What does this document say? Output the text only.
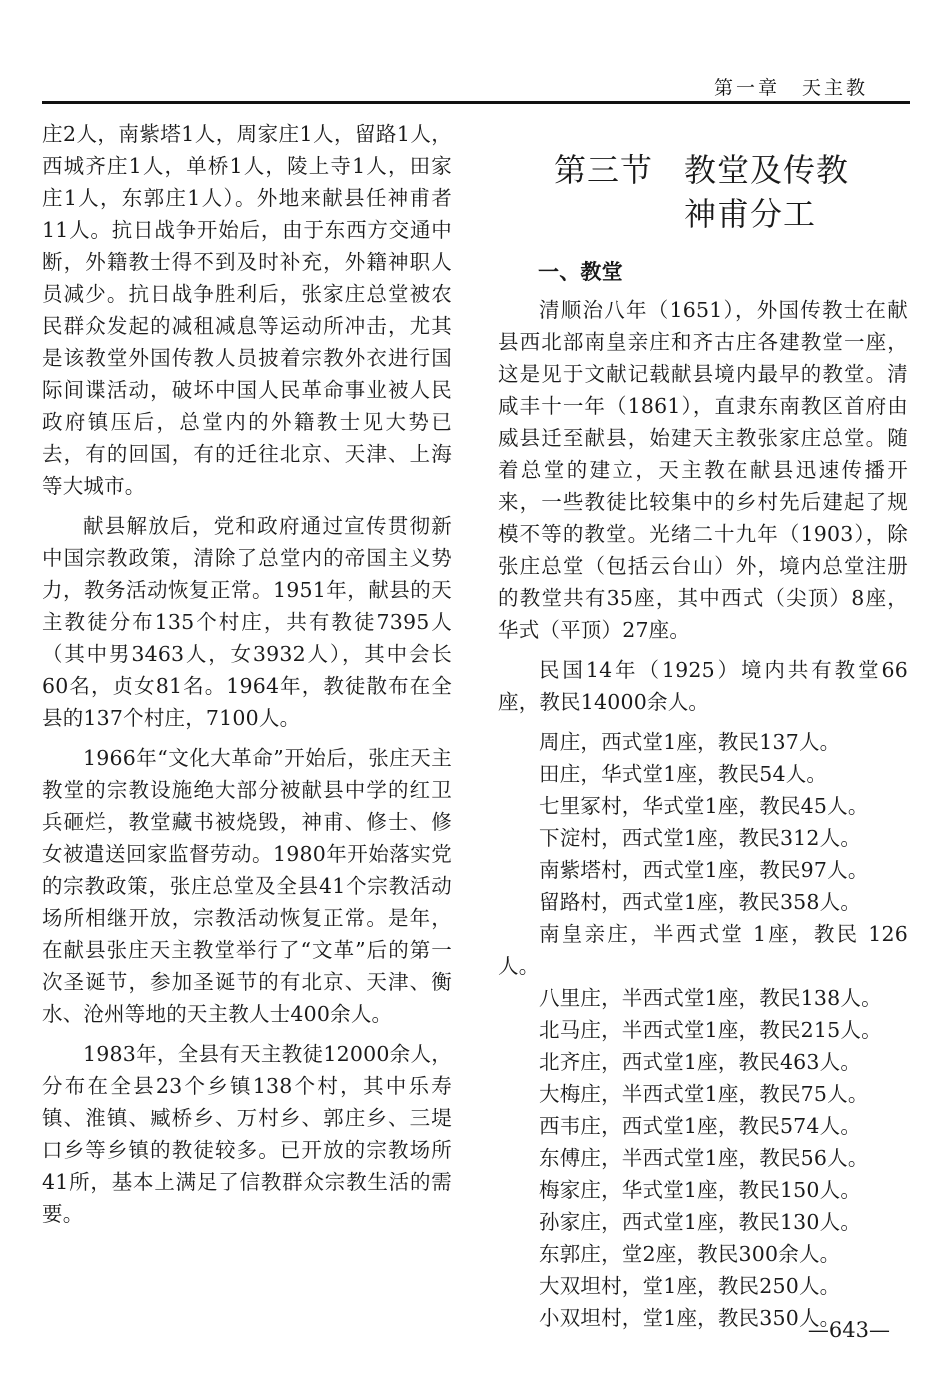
第一章　天主教

庄2人，南紫塔1人，周家庄1人，留路1人，西城齐庄1人，单桥1人，陵上寺1人，田家庄1人，东郭庄1人）。外地来献县任神甫者11人。抗日战争开始后，由于东西方交通中断，外籍教士得不到及时补充，外籍神职人员减少。抗日战争胜利后，张家庄总堂被农民群众发起的减租减息等运动所冲击，尤其是该教堂外国传教人员披着宗教外衣进行国际间谍活动，破坏中国人民革命事业被人民政府镇压后，总堂内的外籍教士见大势已去，有的回国，有的迁往北京、天津、上海等大城市。

献县解放后，党和政府通过宣传贯彻新中国宗教政策，清除了总堂内的帝国主义势力，教务活动恢复正常。1951年，献县的天主教徒分布135个村庄，共有教徒7395人（其中男3463人，女3932人），其中会长60名，贞女81名。1964年，教徒散布在全县的137个村庄，7100人。

1966年“文化大革命”开始后，张庄天主教堂的宗教设施绝大部分被献县中学的红卫兵砸烂，教堂藏书被烧毁，神甫、修士、修女被遣送回家监督劳动。1980年开始落实党的宗教政策，张庄总堂及全县41个宗教活动场所相继开放，宗教活动恢复正常。是年，在献县张庄天主教堂举行了“文革”后的第一次圣诞节，参加圣诞节的有北京、天津、衡水、沧州等地的天主教人士400余人。

1983年，全县有天主教徒12000余人，分布在全县23个乡镇138个村，其中乐寿镇、淮镇、臧桥乡、万村乡、郭庄乡、三堤口乡等乡镇的教徒较多。已开放的宗教场所41所，基本上满足了信教群众宗教生活的需要。

第三节 教堂及传教
神甫分工
一、教堂

清顺治八年（1651），外国传教士在献县西北部南皇亲庄和齐古庄各建教堂一座，这是见于文献记载献县境内最早的教堂。清咸丰十一年（1861），直隶东南教区首府由威县迁至献县，始建天主教张家庄总堂。随着总堂的建立，天主教在献县迅速传播开来，一些教徒比较集中的乡村先后建起了规模不等的教堂。光绪二十九年（1903），除张庄总堂（包括云台山）外，境内总堂注册的教堂共有35座，其中西式（尖顶）8座，华式（平顶）27座。

民国14年（1925）境内共有教堂66座，教民14000余人。

周庄，西式堂1座，教民137人。
田庄，华式堂1座，教民54人。
七里冢村，华式堂1座，教民45人。
下淀村，西式堂1座，教民312人。
南紫塔村，西式堂1座，教民97人。
留路村，西式堂1座，教民358人。
南皇亲庄，半西式堂 1座，教民 126人。
八里庄，半西式堂1座，教民138人。
北马庄，半西式堂1座，教民215人。
北齐庄，西式堂1座，教民463人。
大梅庄，半西式堂1座，教民75人。
西韦庄，西式堂1座，教民574人。
东傅庄，半西式堂1座，教民56人。
梅家庄，华式堂1座，教民150人。
孙家庄，西式堂1座，教民130人。
东郭庄，堂2座，教民300余人。
大双坦村，堂1座，教民250人。
小双坦村，堂1座，教民350人。
—643—
